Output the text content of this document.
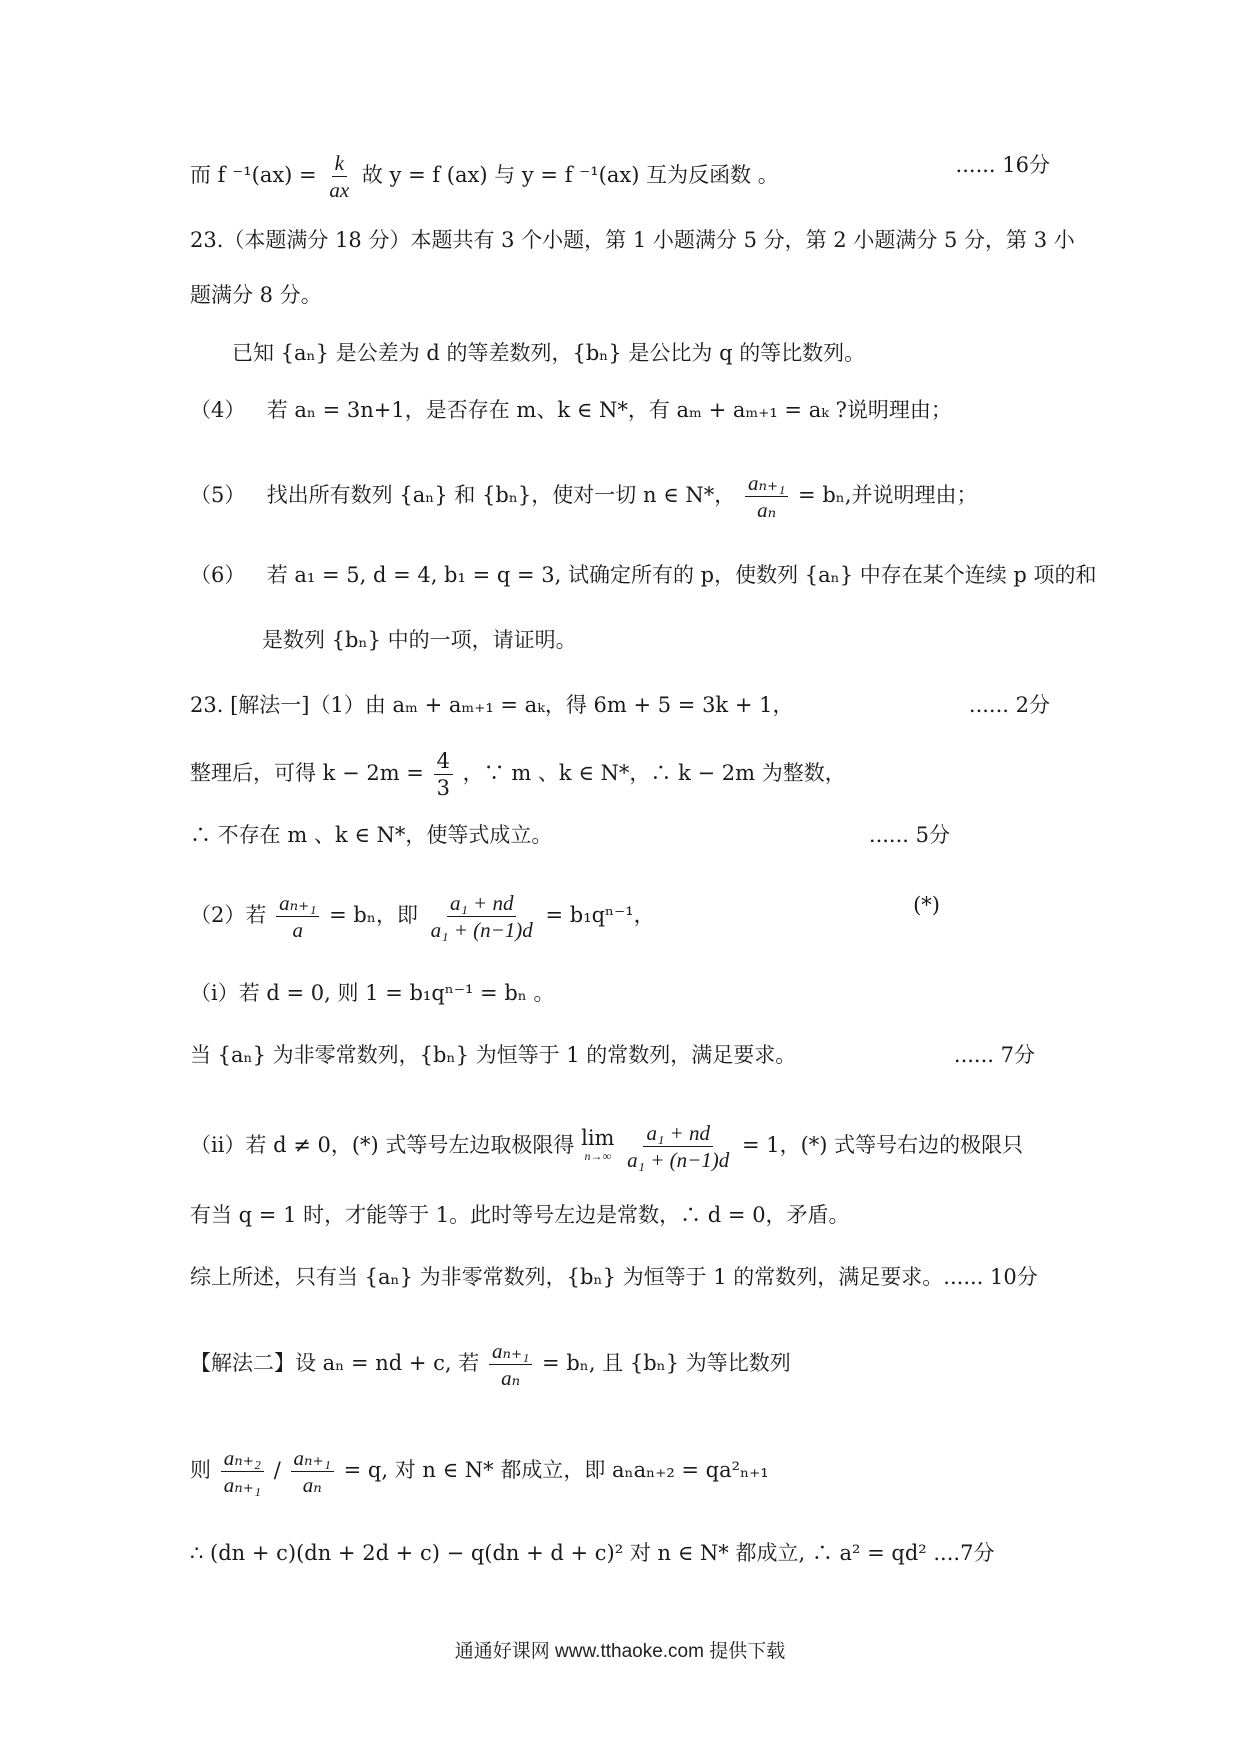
而 f $^{-1}(ax) = \frac{k}{ax}$ 故 y = f (ax) 与 y = f ⁻¹(ax) 互为反函数 。	...... 16分
23.（本题满分 18 分）本题共有 3 个小题，第 1 小题满分 5 分，第 2 小题满分 5 分，第 3 小
题满分 8 分。
已知 {aₙ} 是公差为 d 的等差数列，{bₙ} 是公比为 q 的等比数列。
（4） 若 aₙ = 3n+1，是否存在 m、k ∈ N*，有 aₘ + aₘ₊₁ = aₖ ?说明理由；
（5） 找出所有数列 {aₙ} 和 {bₙ}，使对一切 n ∈ N*， $\frac{\text{aₙ₊₁}}{\text{aₙ}} = b_n$,并说明理由；
（6） 若 a₁ = 5, d = 4, b₁ = q = 3, 试确定所有的 p，使数列 {aₙ} 中存在某个连续 p 项的和
是数列 {bₙ} 中的一项，请证明。
23. [解法一]（1）由 aₘ + aₘ₊₁ = aₖ，得 6m + 5 = 3k + 1，	...... 2分
整理后，可得 $k - 2m = \frac{4}{3}$ ，∵ m 、k ∈ N*，∴ k − 2m 为整数，
∴ 不存在 m 、k ∈ N*，使等式成立。	...... 5分
（2）若 $\frac{\text{aₙ₊₁}}{a} = b_n$，即 $\frac{\text{a₁ + nd}}{\text{a₁ + (n−1)d}} = b_1q^{n-1}$，	(*)
（ⅰ）若 d = 0, 则 1 = b₁qⁿ⁻¹ = bₙ 。
当 {aₙ} 为非零常数列，{bₙ} 为恒等于 1 的常数列，满足要求。	...... 7分
（ⅱ）若 d ≠ 0，(*) 式等号左边取极限得 lim
n→∞
$\frac{\text{a₁ + nd}}{\text{a₁ + (n−1)d}} = 1$，(*) 式等号右边的极限只
有当 q = 1 时，才能等于 1。此时等号左边是常数，∴ d = 0，矛盾。
综上所述，只有当 {aₙ} 为非零常数列，{bₙ} 为恒等于 1 的常数列，满足要求。...... 10分
【解法二】设 aₙ = nd + c, 若 $\frac{\text{aₙ₊₁}}{\text{aₙ}} = b_n$, 且 {bₙ} 为等比数列
则 $\frac{\text{aₙ₊₂}}{\text{aₙ₊₁}} / \frac{\text{aₙ₊₁}}{\text{aₙ}} = q$, 对 n ∈ N* 都成立，即 aₙaₙ₊₂ = qa²ₙ₊₁
∴ (dn + c)(dn + 2d + c) − q(dn + d + c)² 对 n ∈ N* 都成立, ∴ a² = qd² ....7分
通通好课网 www.tthaoke.com 提供下载
